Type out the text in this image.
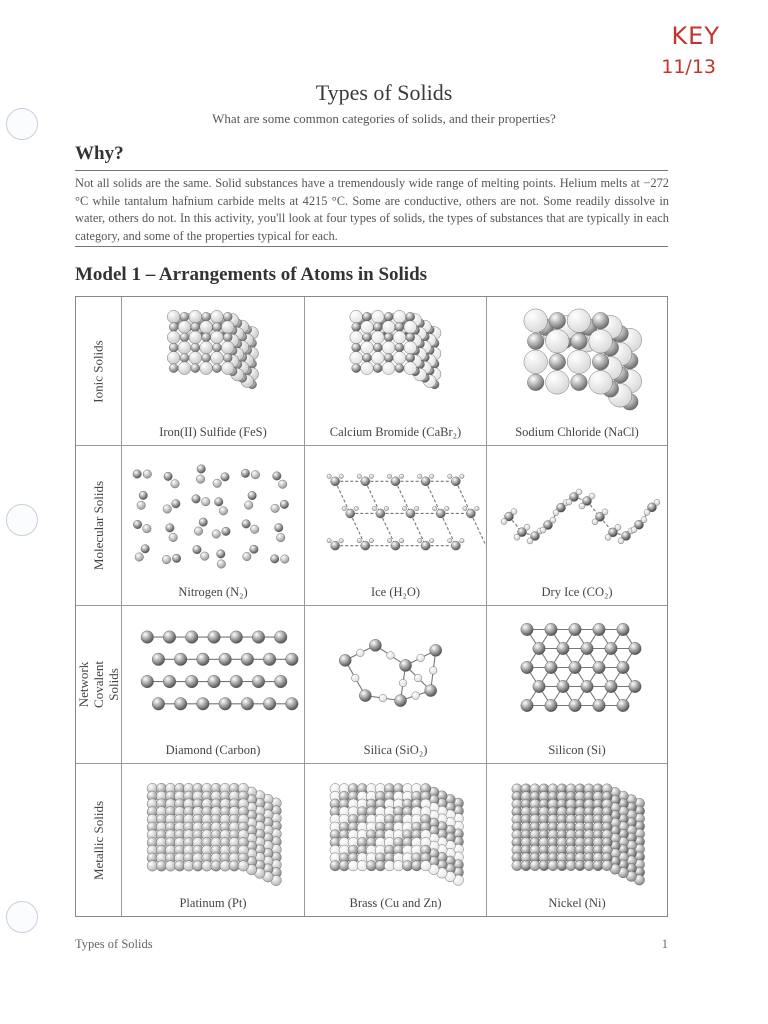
KEY
11/13
Types of Solids
What are some common categories of solids, and their properties?
Why?
Not all solids are the same. Solid substances have a tremendously wide range of melting points. Helium melts at −272 °C while tantalum hafnium carbide melts at 4215 °C. Some are conductive, others are not. Some readily dissolve in water, others do not. In this activity, you'll look at four types of solids, the types of substances that are typically in each category, and some of the properties typical for each.
Model 1 – Arrangements of Atoms in Solids
Ionic Solids
Iron(II) Sulfide (FeS)	Calcium Bromide (CaBr₂)	Sodium Chloride (NaCl)
Molecular Solids
Nitrogen (N₂)	Ice (H₂O)	Dry Ice (CO₂)
Network Covalent Solids
Diamond (Carbon)	Silica (SiO₂)	Silicon (Si)
Metallic Solids
Platinum (Pt)	Brass (Cu and Zn)	Nickel (Ni)
Types of Solids	1
